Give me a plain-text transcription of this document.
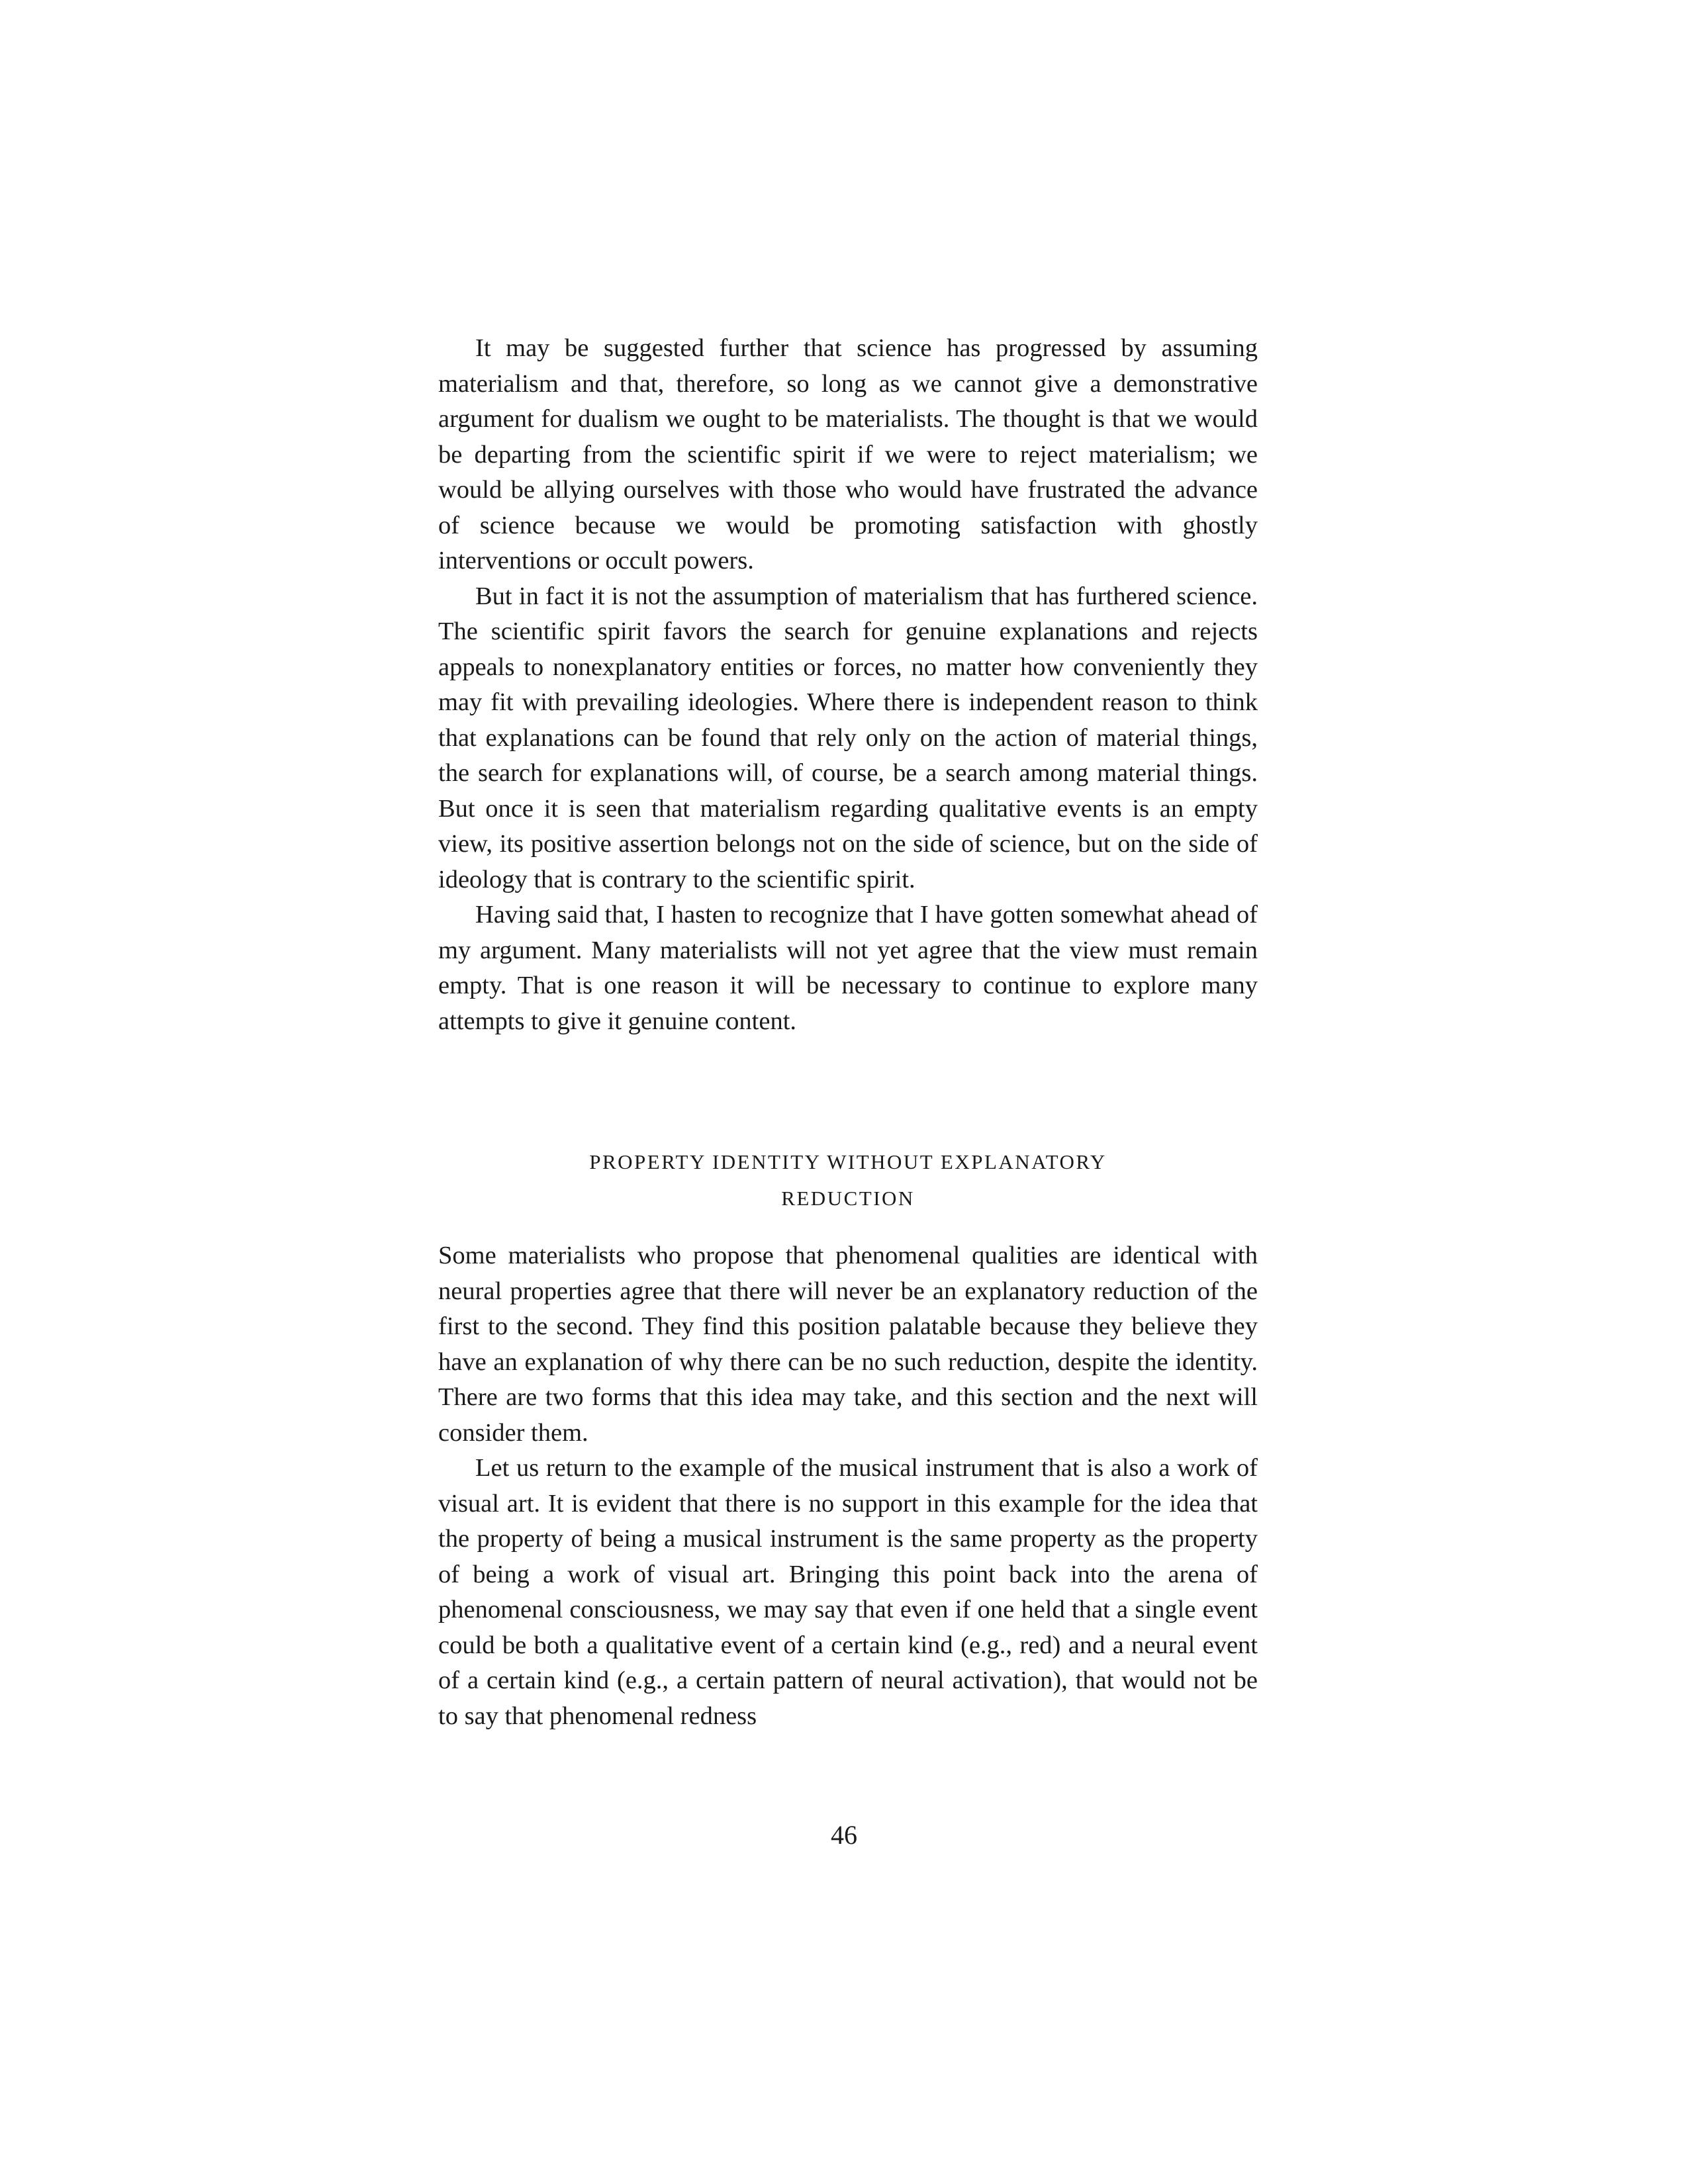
It may be suggested further that science has progressed by assuming materialism and that, therefore, so long as we cannot give a demonstrative argument for dualism we ought to be materialists. The thought is that we would be departing from the scientific spirit if we were to reject materialism; we would be allying ourselves with those who would have frustrated the advance of science because we would be promoting satisfaction with ghostly interventions or occult powers.

But in fact it is not the assumption of materialism that has furthered science. The scientific spirit favors the search for genuine explanations and rejects appeals to nonexplanatory entities or forces, no matter how conveniently they may fit with prevailing ideologies. Where there is independent reason to think that explanations can be found that rely only on the action of material things, the search for explanations will, of course, be a search among material things. But once it is seen that materialism regarding qualitative events is an empty view, its positive assertion belongs not on the side of science, but on the side of ideology that is contrary to the scientific spirit.

Having said that, I hasten to recognize that I have gotten somewhat ahead of my argument. Many materialists will not yet agree that the view must remain empty. That is one reason it will be necessary to continue to explore many attempts to give it genuine content.

PROPERTY IDENTITY WITHOUT EXPLANATORY
REDUCTION

Some materialists who propose that phenomenal qualities are identical with neural properties agree that there will never be an explanatory reduction of the first to the second. They find this position palatable because they believe they have an explanation of why there can be no such reduction, despite the identity. There are two forms that this idea may take, and this section and the next will consider them.

Let us return to the example of the musical instrument that is also a work of visual art. It is evident that there is no support in this example for the idea that the property of being a musical instrument is the same property as the property of being a work of visual art. Bringing this point back into the arena of phenomenal consciousness, we may say that even if one held that a single event could be both a qualitative event of a certain kind (e.g., red) and a neural event of a certain kind (e.g., a certain pattern of neural activation), that would not be to say that phenomenal redness

46
